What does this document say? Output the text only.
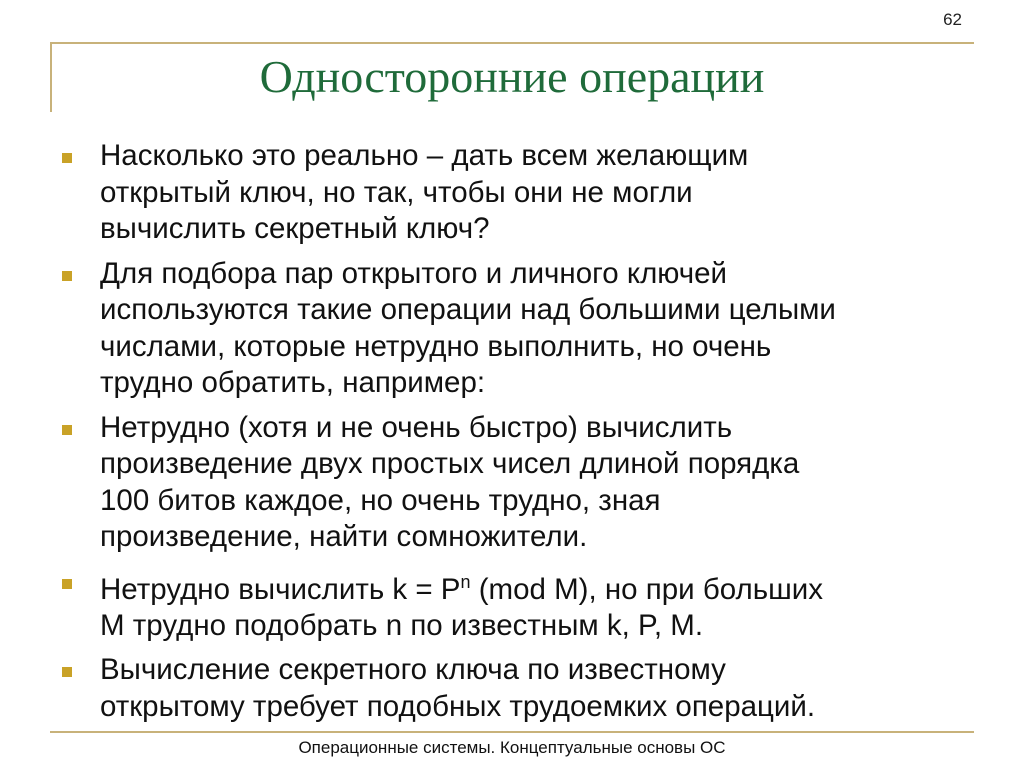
62
Односторонние операции
Насколько это реально – дать всем желающим
открытый ключ, но так, чтобы они не могли
вычислить секретный ключ?
Для подбора пар открытого и личного ключей
используются такие операции над большими целыми
числами, которые нетрудно выполнить, но очень
трудно обратить, например:
Нетрудно (хотя и не очень быстро) вычислить
произведение двух простых чисел длиной порядка
100 битов каждое, но очень трудно, зная
произведение, найти сомножители.
Нетрудно вычислить $k = P^n$ (mod M), но при больших
M трудно подобрать n по известным k, P, M.
Вычисление секретного ключа по известному
открытому требует подобных трудоемких операций.
Операционные системы. Концептуальные основы ОС
